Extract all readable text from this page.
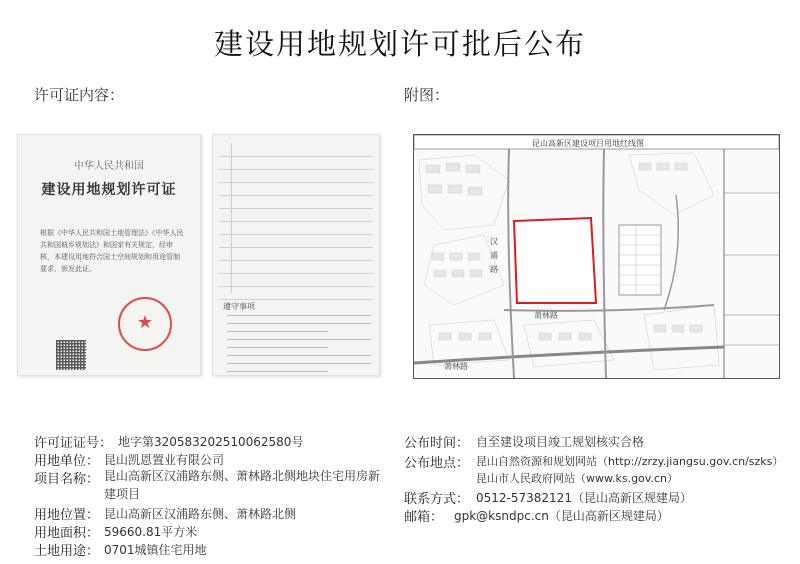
建设用地规划许可批后公布
许可证内容：	附图：
中华人民共和国
建设用地规划许可证
根据《中华人民共和国土地管理法》《中华人民共和国城乡规划法》和国家有关规定，经审核，本建设用地符合国土空间规划和用途管制要求，颁发此证。
★
遵守事项
昆山高新区建设项目用地红线图
萧林路
汉浦路
萧林路
许可证证号： 地字第320583202510062580号
用地单位： 昆山凯恩置业有限公司
项目名称： 昆山高新区汉浦路东侧、萧林路北侧地块住宅用房新建项目
用地位置： 昆山高新区汉浦路东侧、萧林路北侧
用地面积： 59660.81平方米
土地用途： 0701城镇住宅用地
公布时间： 自至建设项目竣工规划核实合格
公布地点： 昆山自然资源和规划网站（http://zrzy.jiangsu.gov.cn/szks）
昆山市人民政府网站（www.ks.gov.cn）
联系方式： 0512-57382121（昆山高新区规建局）
邮箱： gpk@ksndpc.cn（昆山高新区规建局）
